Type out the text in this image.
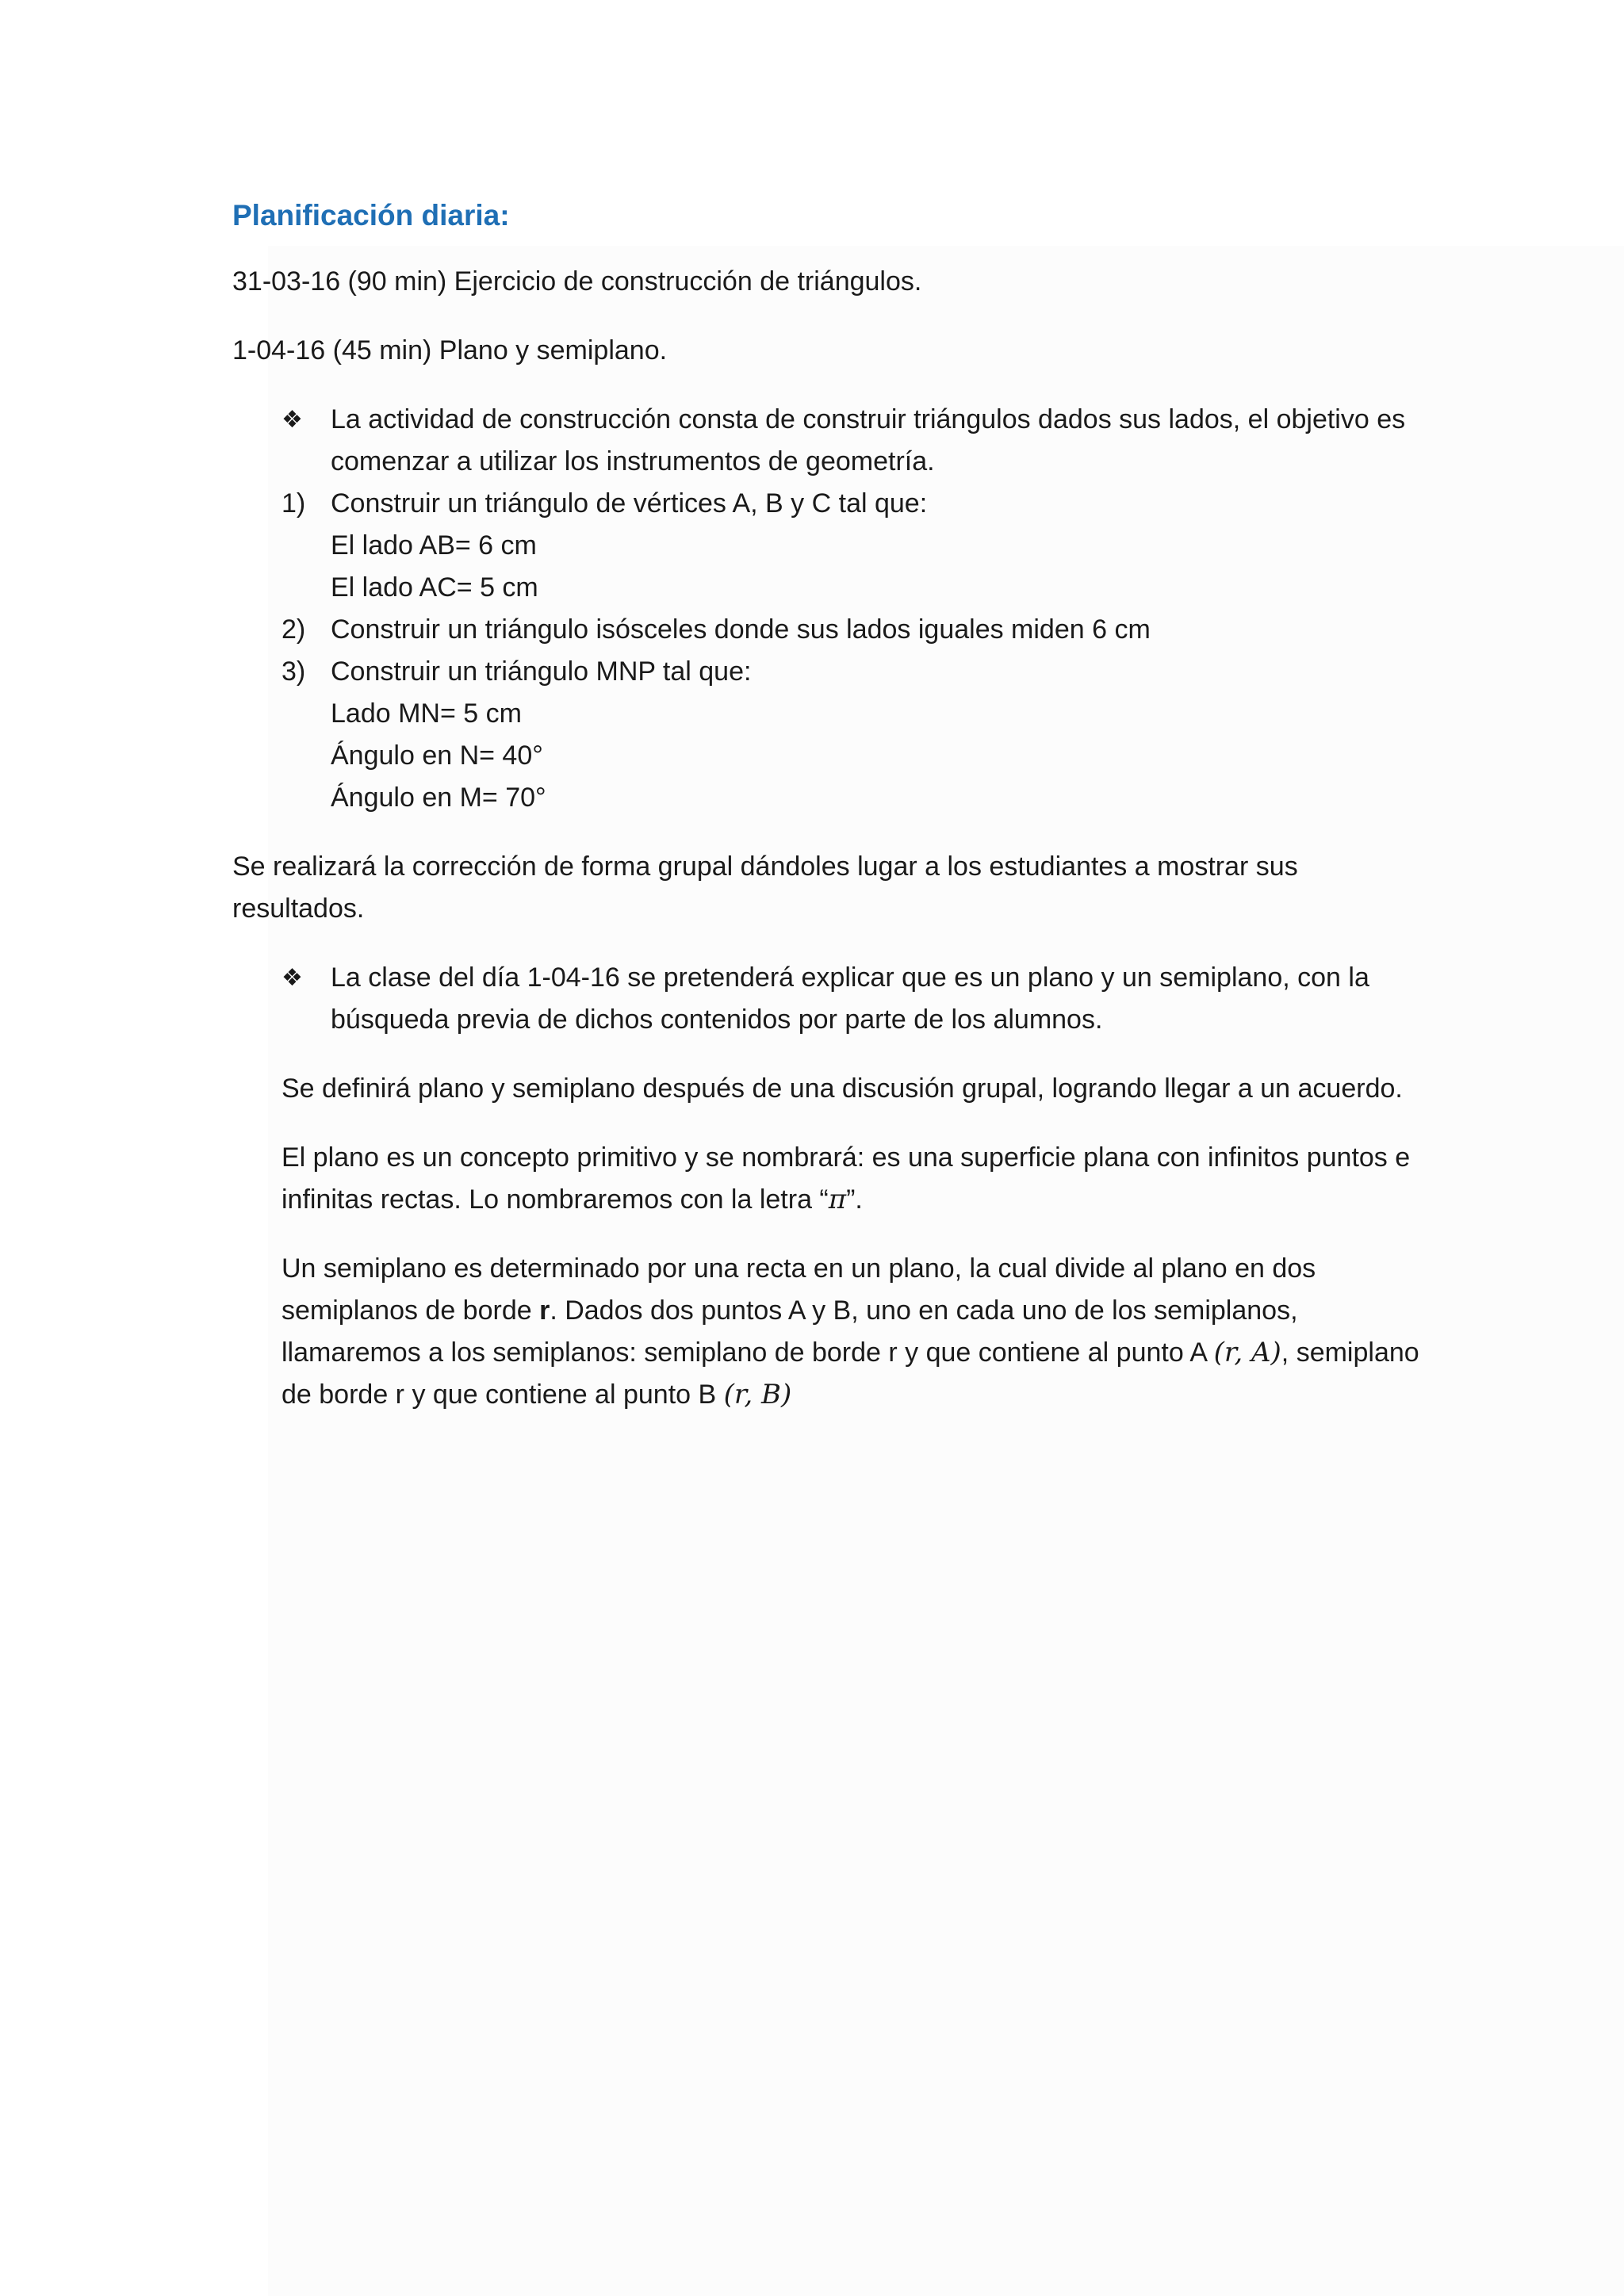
Planificación diaria:

31-03-16 (90 min) Ejercicio de construcción de triángulos.

1-04-16 (45 min) Plano y semiplano.

❖	La actividad de construcción consta de construir triángulos dados sus lados, el objetivo es comenzar a utilizar los instrumentos de geometría.
1) Construir un triángulo de vértices A, B y C tal que:
El lado AB= 6 cm
El lado AC= 5 cm
2) Construir un triángulo isósceles donde sus lados iguales miden 6 cm
3) Construir un triángulo MNP tal que:
Lado MN= 5 cm
Ángulo en N= 40°
Ángulo en M= 70°

Se realizará la corrección de forma grupal dándoles lugar a los estudiantes a mostrar sus resultados.

❖	La clase del día 1-04-16 se pretenderá explicar que es un plano y un semiplano, con la búsqueda previa de dichos contenidos por parte de los alumnos.

Se definirá plano y semiplano después de una discusión grupal, logrando llegar a un acuerdo.

El plano es un concepto primitivo y se nombrará: es una superficie plana con infinitos puntos e infinitas rectas. Lo nombraremos con la letra “π”.

Un semiplano es determinado por una recta en un plano, la cual divide al plano en dos semiplanos de borde r. Dados dos puntos A y B, uno en cada uno de los semiplanos, llamaremos a los semiplanos: semiplano de borde r y que contiene al punto A (r, A), semiplano de borde r y que contiene al punto B (r, B)
